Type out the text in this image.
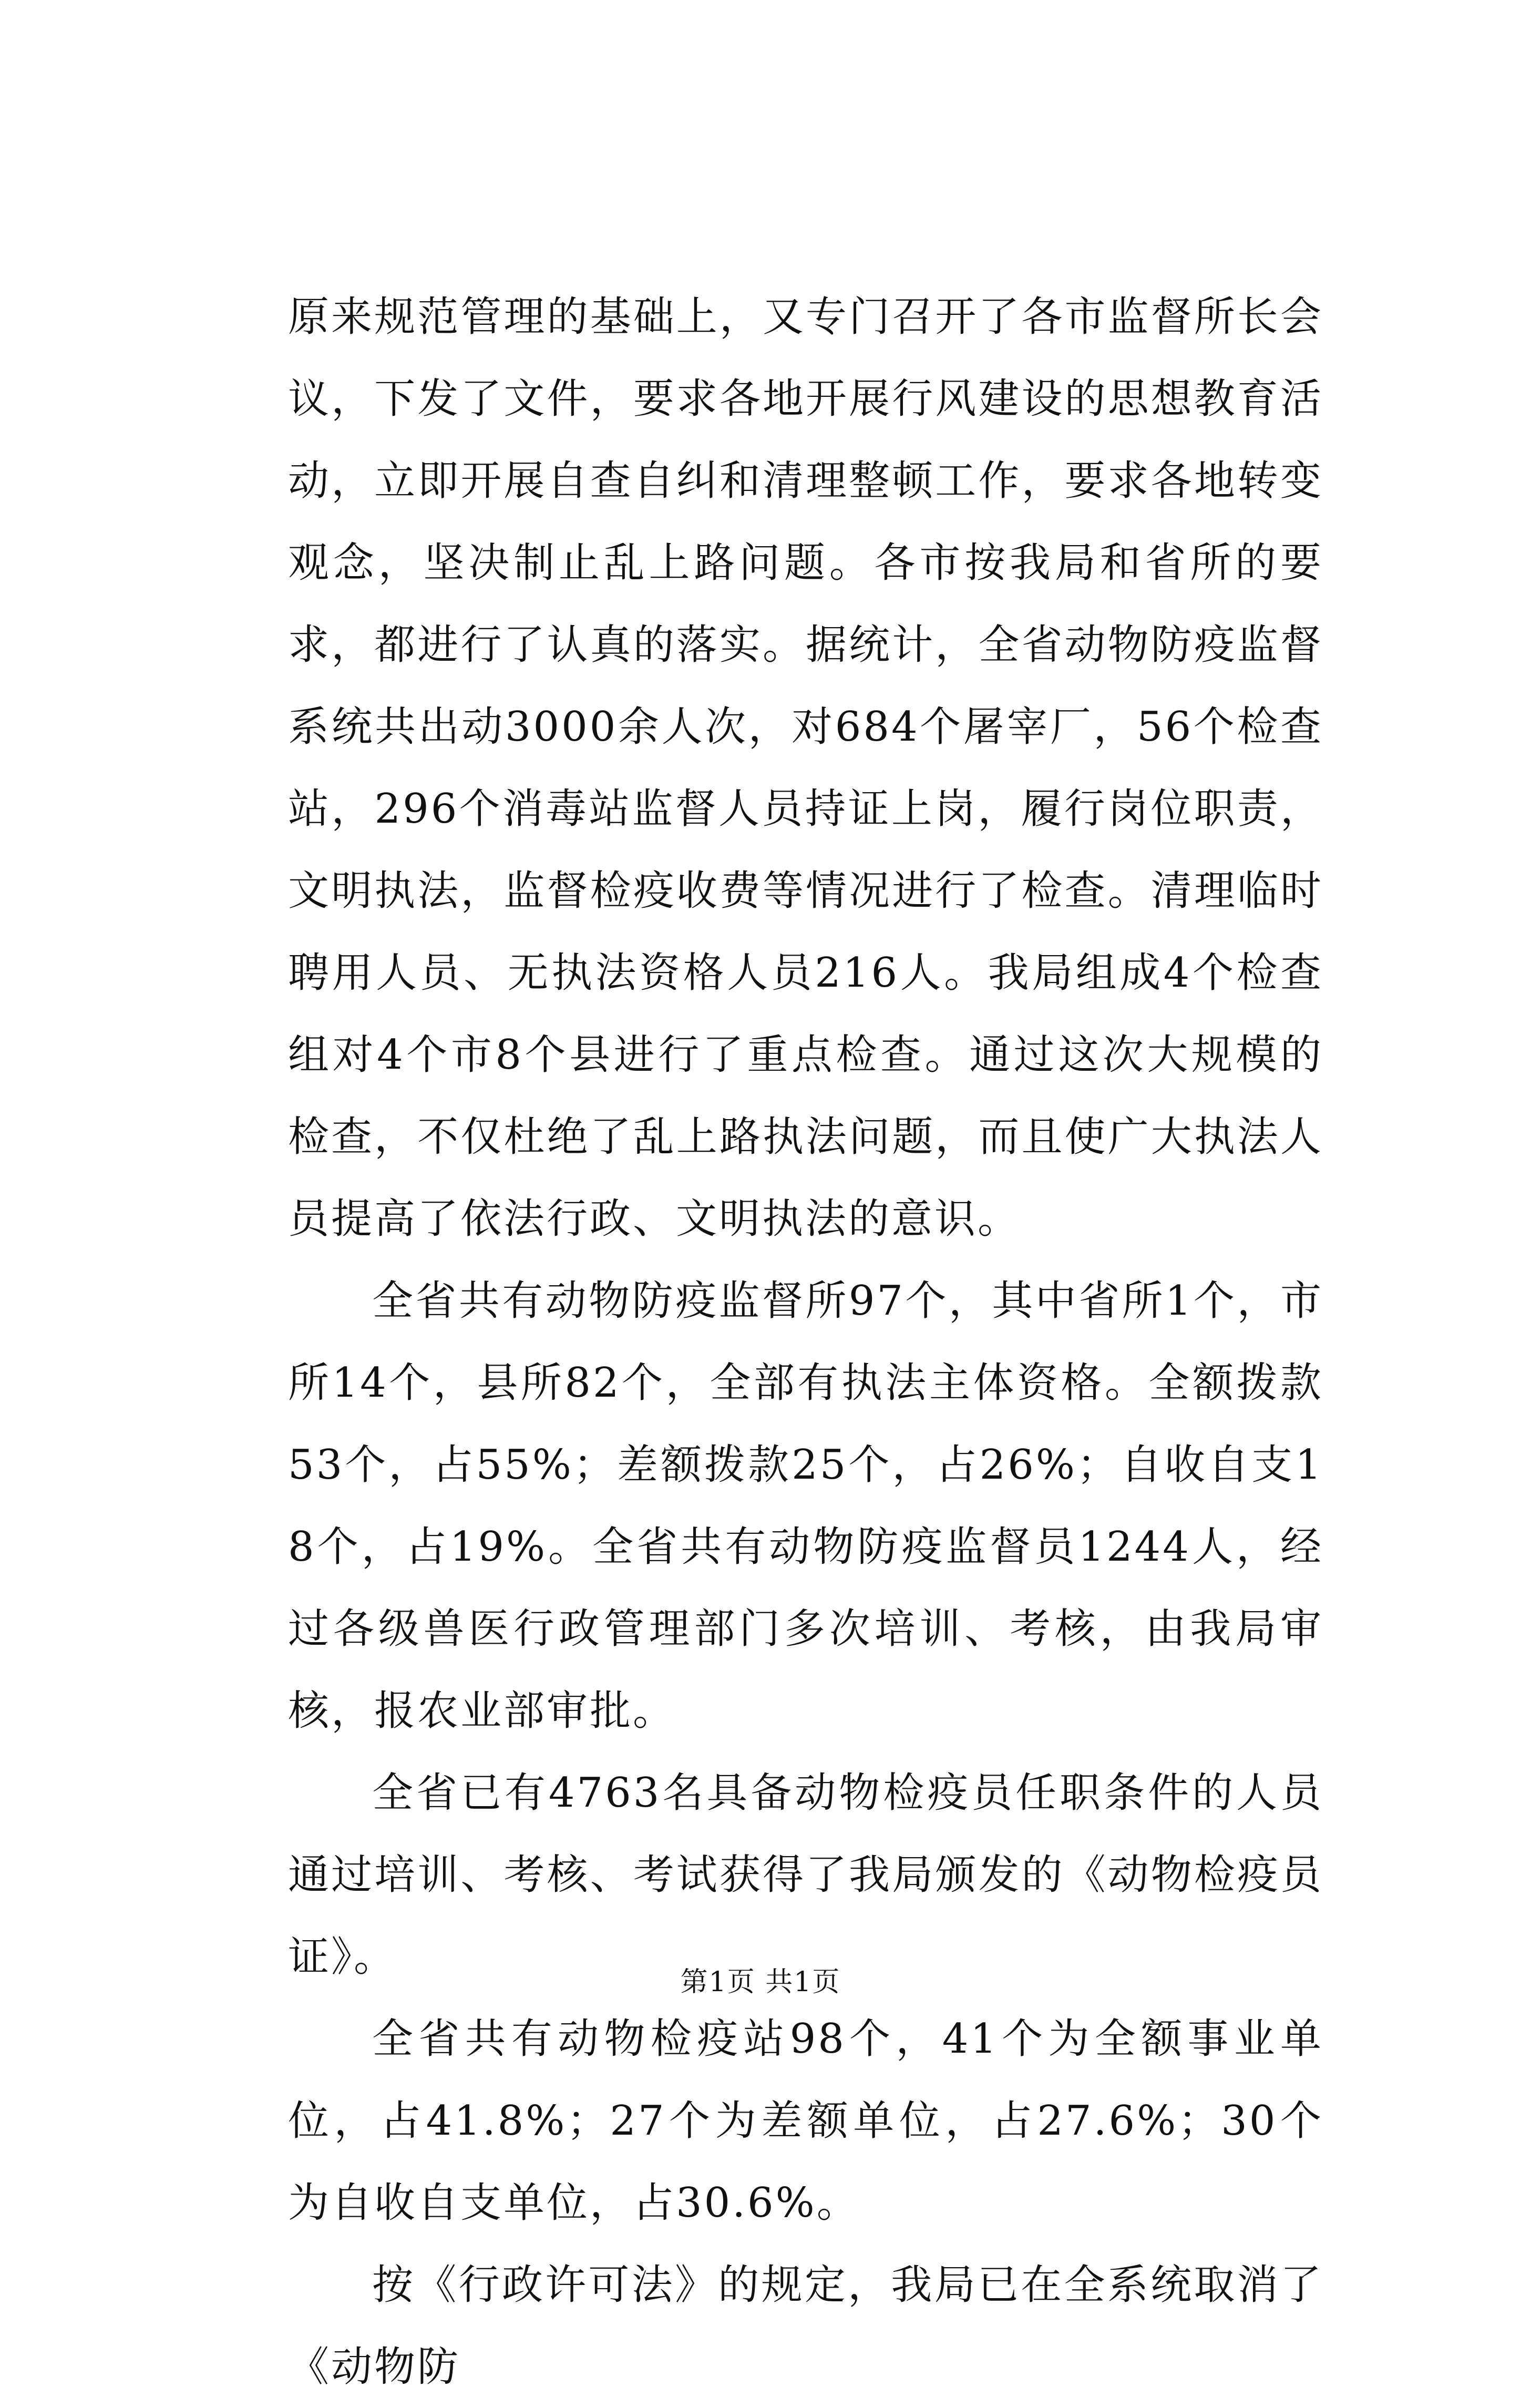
原来规范管理的基础上，又专门召开了各市监督所长会议，下发了文件，要求各地开展行风建设的思想教育活动，立即开展自查自纠和清理整顿工作，要求各地转变观念，坚决制止乱上路问题。各市按我局和省所的要求，都进行了认真的落实。据统计，全省动物防疫监督系统共出动3000余人次，对684个屠宰厂，56个检查站，296个消毒站监督人员持证上岗，履行岗位职责，文明执法，监督检疫收费等情况进行了检查。清理临时聘用人员、无执法资格人员216人。我局组成4个检查组对4个市8个县进行了重点检查。通过这次大规模的检查，不仅杜绝了乱上路执法问题，而且使广大执法人员提高了依法行政、文明执法的意识。

全省共有动物防疫监督所97个，其中省所1个，市所14个，县所82个，全部有执法主体资格。全额拨款53个，占55%；差额拨款25个，占26%；自收自支18个，占19%。全省共有动物防疫监督员1244人，经过各级兽医行政管理部门多次培训、考核，由我局审核，报农业部审批。

全省已有4763名具备动物检疫员任职条件的人员通过培训、考核、考试获得了我局颁发的《动物检疫员证》。

全省共有动物检疫站98个，41个为全额事业单位，占41.8%；27个为差额单位，占27.6%；30个为自收自支单位，占30.6%。

按《行政许可法》的规定，我局已在全系统取消了《动物防

第1页 共1页
